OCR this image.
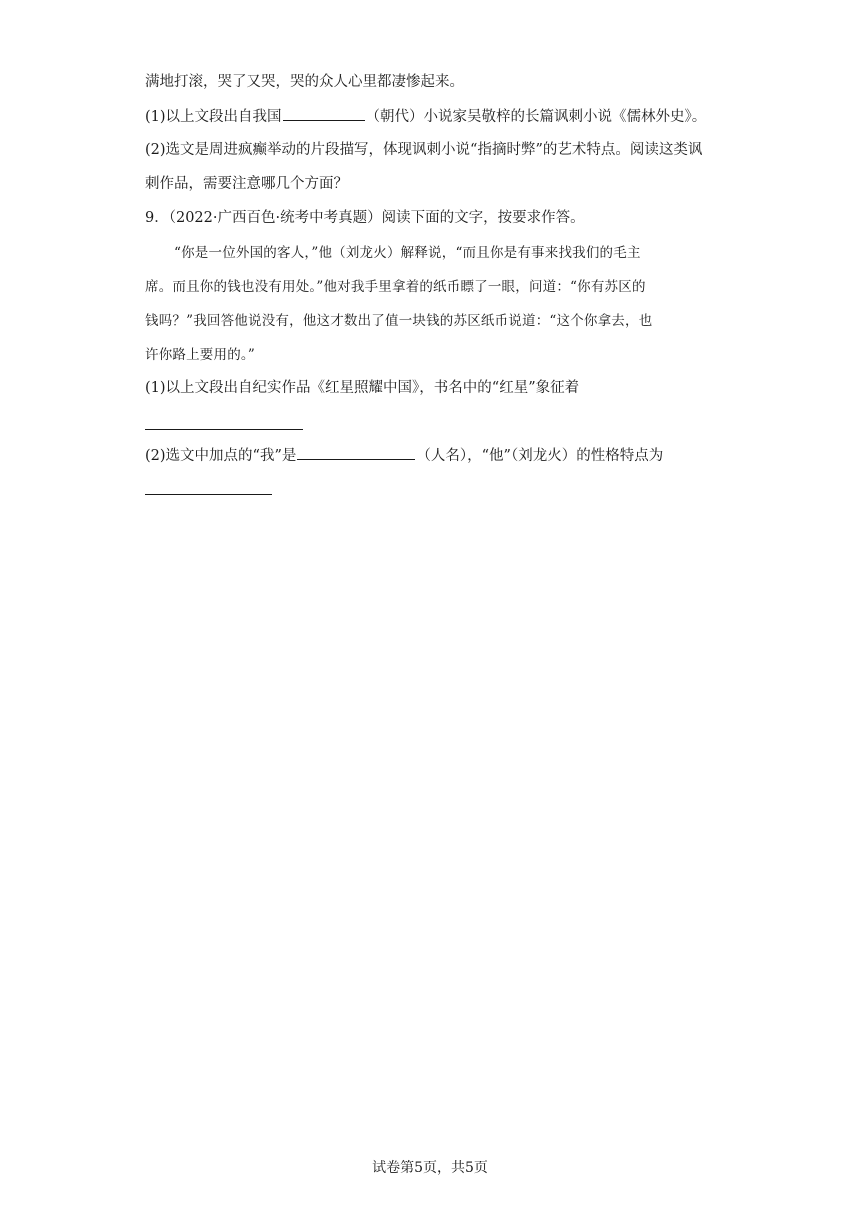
满地打滚，哭了又哭，哭的众人心里都凄惨起来。
(1)以上文段出自我国	（朝代）小说家吴敬梓的长篇讽刺小说《儒林外史》。
(2)选文是周进疯癫举动的片段描写，体现讽刺小说“指摘时弊”的艺术特点。阅读这类讽
刺作品，需要注意哪几个方面？
9．（2022·广西百色·统考中考真题）阅读下面的文字，按要求作答。
“你是一位外国的客人，”他（刘龙火）解释说，“而且你是有事来找我们的毛主
席。而且你的钱也没有用处。”他对我手里拿着的纸币瞟了一眼，问道：“你有苏区的
钱吗？”我回答他说没有，他这才数出了值一块钱的苏区纸币说道：“这个你拿去，也
许你路上要用的。”
(1)以上文段出自纪实作品《红星照耀中国》，书名中的“红星”象征着
(2)选文中加点的“我”是	（人名），“他”（刘龙火）的性格特点为
试卷第5页，共5页
